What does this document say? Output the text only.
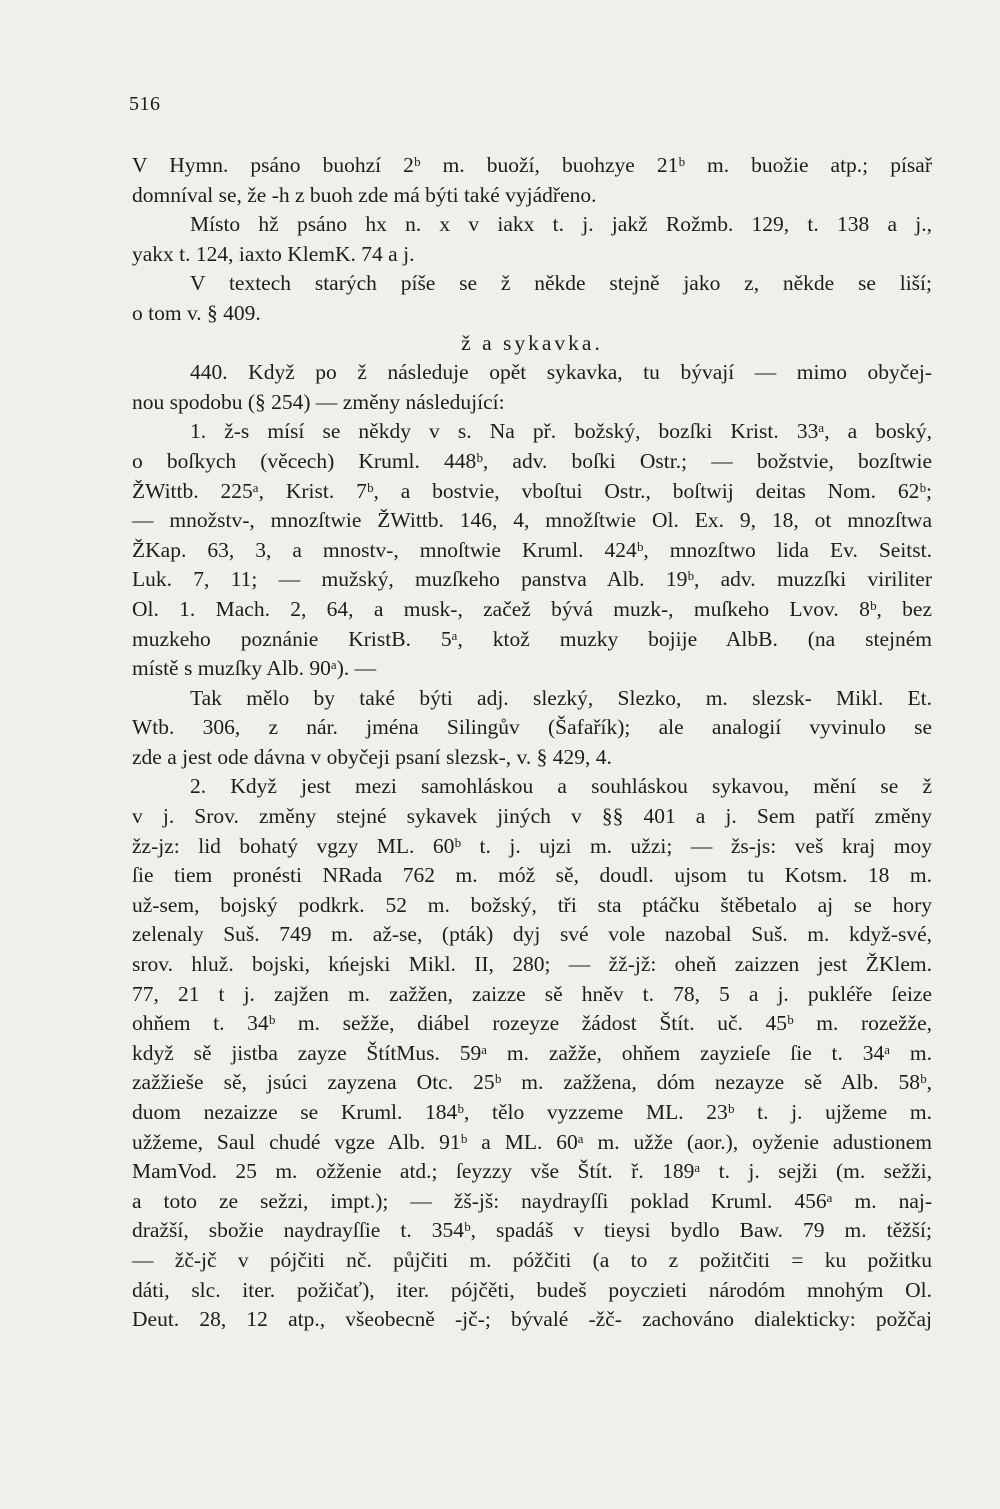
516
V Hymn. psáno buohzí 2ᵇ m. buoží, buohzye 21ᵇ m. buožie atp.; písař
domníval se, že -h z buoh zde má býti také vyjádřeno.
Místo hž psáno hx n. x v iakx t. j. jakž Rožmb. 129, t. 138 a j.,
yakx t. 124, iaxto KlemK. 74 a j.
V textech starých píše se ž někde stejně jako z, někde se liší;
o tom v. § 409.
ž a sykavka.
440. Když po ž následuje opět sykavka, tu bývají — mimo obyčej-
nou spodobu (§ 254) — změny následující:
1. ž-s mísí se někdy v s. Na př. božský, bozſki Krist. 33ᵃ, a boský,
o boſkych (věcech) Kruml. 448ᵇ, adv. boſki Ostr.; — božstvie, bozſtwie
ŽWittb. 225ᵃ, Krist. 7ᵇ, a bostvie, vboſtui Ostr., boſtwij deitas Nom. 62ᵇ;
— množstv-, mnozſtwie ŽWittb. 146, 4, množſtwie Ol. Ex. 9, 18, ot mnozſtwa
ŽKap. 63, 3, a mnostv-, mnoſtwie Kruml. 424ᵇ, mnozſtwo lida Ev. Seitst.
Luk. 7, 11; — mužský, muzſkeho panstva Alb. 19ᵇ, adv. muzzſki viriliter
Ol. 1. Mach. 2, 64, a musk-, začež bývá muzk-, muſkeho Lvov. 8ᵇ, bez
muzkeho poznánie KristB. 5ᵃ, ktož muzky bojije AlbB. (na stejném
místě s muzſky Alb. 90ᵃ). —
Tak mělo by také býti adj. slezký, Slezko, m. slezsk- Mikl. Et.
Wtb. 306, z nár. jména Silingův (Šafařík); ale analogií vyvinulo se
zde a jest ode dávna v obyčeji psaní slezsk-, v. § 429, 4.
2. Když jest mezi samohláskou a souhláskou sykavou, mění se ž
v j. Srov. změny stejné sykavek jiných v §§ 401 a j. Sem patří změny
žz-jz: lid bohatý vgzy ML. 60ᵇ t. j. ujzi m. užzi; — žs-js: veš kraj moy
ſie tiem pronésti NRada 762 m. móž sě, doudl. ujsom tu Kotsm. 18 m.
už-sem, bojský podkrk. 52 m. božský, tři sta ptáčku štěbetalo aj se hory
zelenaly Suš. 749 m. až-se, (pták) dyj své vole nazobal Suš. m. když-své,
srov. hluž. bojski, kńejski Mikl. II, 280; — žž-jž: oheň zaizzen jest ŽKlem.
77, 21 t j. zajžen m. zažžen, zaizze sě hněv t. 78, 5 a j. pukléře ſeize
ohňem t. 34ᵇ m. sežže, diábel rozeyze žádost Štít. uč. 45ᵇ m. rozežže,
když sě jistba zayze ŠtítMus. 59ᵃ m. zažže, ohňem zayzieſe ſie t. 34ᵃ m.
zažžieše sě, jsúci zayzena Otc. 25ᵇ m. zažžena, dóm nezayze sě Alb. 58ᵇ,
duom nezaizze se Kruml. 184ᵇ, tělo vyzzeme ML. 23ᵇ t. j. ujžeme m.
užžeme, Saul chudé vgze Alb. 91ᵇ a ML. 60ᵃ m. užže (aor.), oyženie adustionem
MamVod. 25 m. ožženie atd.; ſeyzzy vše Štít. ř. 189ᵃ t. j. sejži (m. sežži,
a toto ze sežzi, impt.); — žš-jš: naydrayſſi poklad Kruml. 456ᵃ m. naj-
dražší, sbožie naydrayſſie t. 354ᵇ, spadáš v tieysi bydlo Baw. 79 m. těžší;
— žč-jč v pójčiti nč. půjčiti m. póžčiti (a to z požitčiti = ku požitku
dáti, slc. iter. požičať), iter. pójčěti, budeš poyczieti národóm mnohým Ol.
Deut. 28, 12 atp., všeobecně -jč-; bývalé -žč- zachováno dialekticky: požčaj
